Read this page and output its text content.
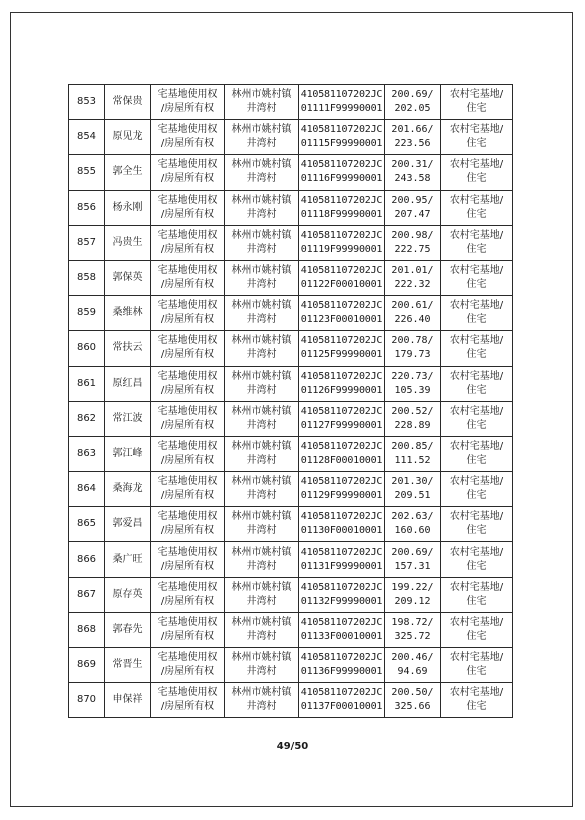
853	常保贵	宅基地使用权
/房屋所有权	林州市姚村镇
井湾村	410581107202JC
01111F99990001	200.69/
202.05	农村宅基地/
住宅

854	原见龙	宅基地使用权
/房屋所有权	林州市姚村镇
井湾村	410581107202JC
01115F99990001	201.66/
223.56	农村宅基地/
住宅

855	郭全生	宅基地使用权
/房屋所有权	林州市姚村镇
井湾村	410581107202JC
01116F99990001	200.31/
243.58	农村宅基地/
住宅

856	杨永刚	宅基地使用权
/房屋所有权	林州市姚村镇
井湾村	410581107202JC
01118F99990001	200.95/
207.47	农村宅基地/
住宅

857	冯贵生	宅基地使用权
/房屋所有权	林州市姚村镇
井湾村	410581107202JC
01119F99990001	200.98/
222.75	农村宅基地/
住宅

858	郭保英	宅基地使用权
/房屋所有权	林州市姚村镇
井湾村	410581107202JC
01122F00010001	201.01/
222.32	农村宅基地/
住宅

859	桑维林	宅基地使用权
/房屋所有权	林州市姚村镇
井湾村	410581107202JC
01123F00010001	200.61/
226.40	农村宅基地/
住宅

860	常扶云	宅基地使用权
/房屋所有权	林州市姚村镇
井湾村	410581107202JC
01125F99990001	200.78/
179.73	农村宅基地/
住宅

861	原红昌	宅基地使用权
/房屋所有权	林州市姚村镇
井湾村	410581107202JC
01126F99990001	220.73/
105.39	农村宅基地/
住宅

862	常江波	宅基地使用权
/房屋所有权	林州市姚村镇
井湾村	410581107202JC
01127F99990001	200.52/
228.89	农村宅基地/
住宅

863	郭江峰	宅基地使用权
/房屋所有权	林州市姚村镇
井湾村	410581107202JC
01128F00010001	200.85/
111.52	农村宅基地/
住宅

864	桑海龙	宅基地使用权
/房屋所有权	林州市姚村镇
井湾村	410581107202JC
01129F99990001	201.30/
209.51	农村宅基地/
住宅

865	郭爱昌	宅基地使用权
/房屋所有权	林州市姚村镇
井湾村	410581107202JC
01130F00010001	202.63/
160.60	农村宅基地/
住宅

866	桑广旺	宅基地使用权
/房屋所有权	林州市姚村镇
井湾村	410581107202JC
01131F99990001	200.69/
157.31	农村宅基地/
住宅

867	原存英	宅基地使用权
/房屋所有权	林州市姚村镇
井湾村	410581107202JC
01132F99990001	199.22/
209.12	农村宅基地/
住宅

868	郭春先	宅基地使用权
/房屋所有权	林州市姚村镇
井湾村	410581107202JC
01133F00010001	198.72/
325.72	农村宅基地/
住宅

869	常晋生	宅基地使用权
/房屋所有权	林州市姚村镇
井湾村	410581107202JC
01136F99990001	200.46/
94.69	农村宅基地/
住宅

870	申保祥	宅基地使用权
/房屋所有权	林州市姚村镇
井湾村	410581107202JC
01137F00010001	200.50/
325.66	农村宅基地/
住宅
49/50
